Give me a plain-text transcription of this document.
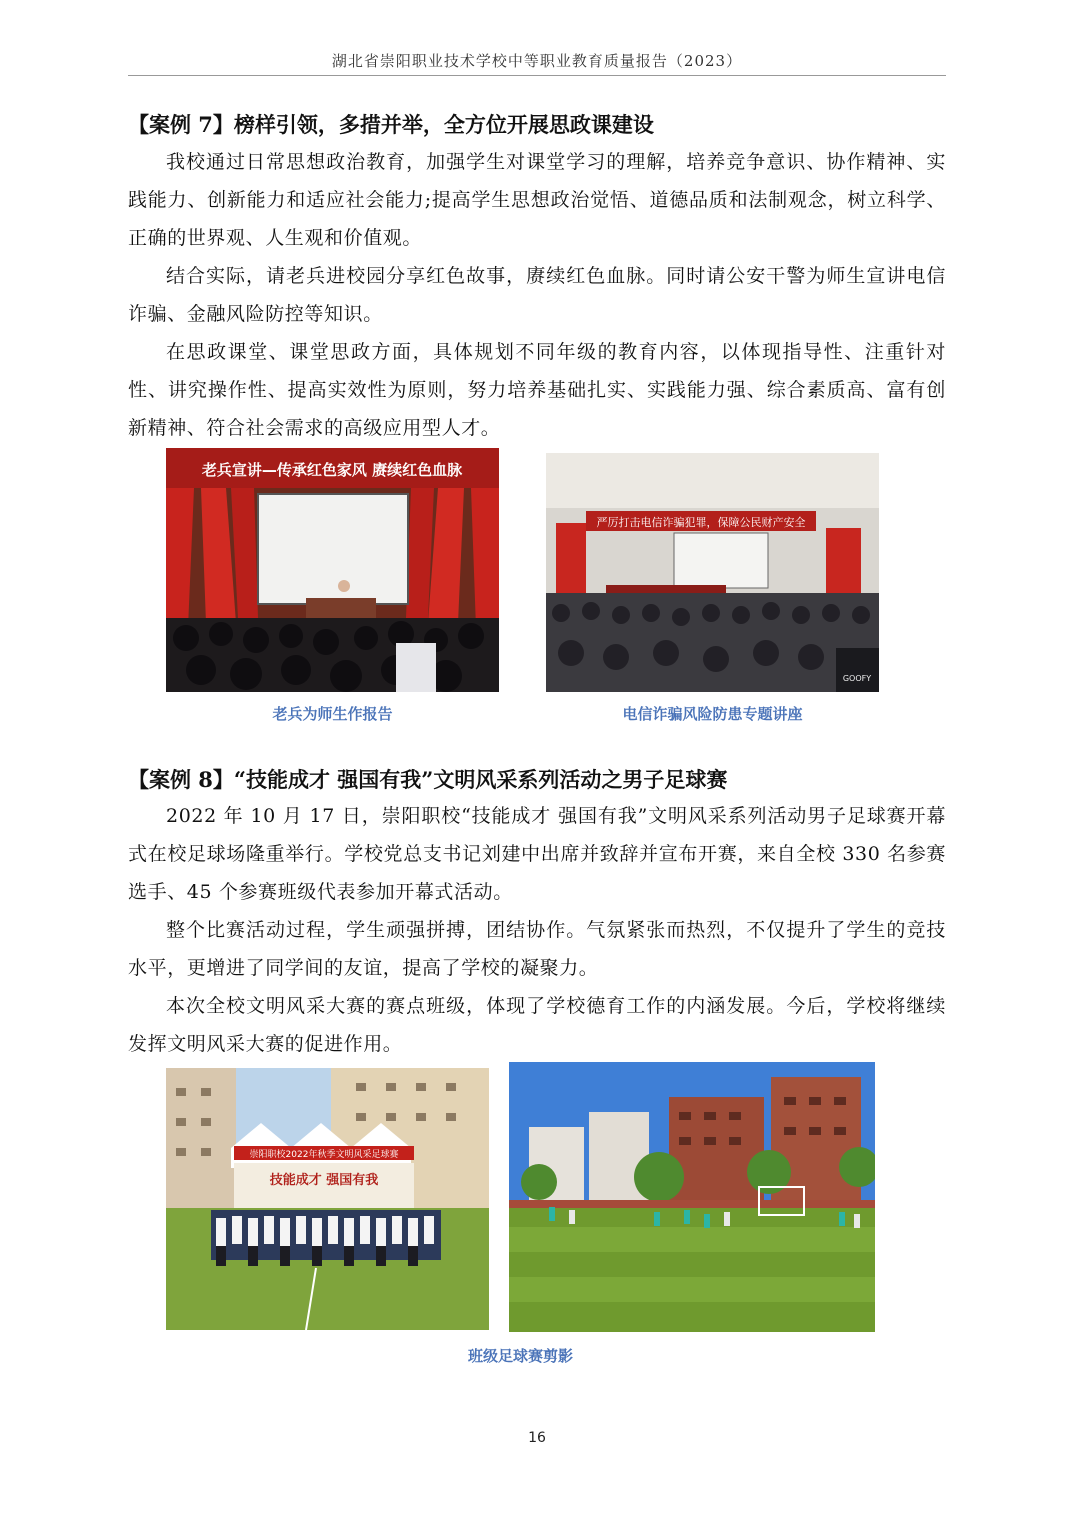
湖北省崇阳职业技术学校中等职业教育质量报告（2023）
【案例 7】榜样引领，多措并举，全方位开展思政课建设
我校通过日常思想政治教育，加强学生对课堂学习的理解，培养竞争意识、协作精神、实践能力、创新能力和适应社会能力;提高学生思想政治觉悟、道德品质和法制观念，树立科学、正确的世界观、人生观和价值观。
结合实际，请老兵进校园分享红色故事，赓续红色血脉。同时请公安干警为师生宣讲电信诈骗、金融风险防控等知识。
在思政课堂、课堂思政方面，具体规划不同年级的教育内容，以体现指导性、注重针对性、讲究操作性、提高实效性为原则，努力培养基础扎实、实践能力强、综合素质高、富有创新精神、符合社会需求的高级应用型人才。
老兵宣讲—传承红色家风 赓续红色血脉
老兵为师生作报告
严厉打击电信诈骗犯罪，保障公民财产安全
GOOFY
电信诈骗风险防患专题讲座
【案例 8】“技能成才 强国有我”文明风采系列活动之男子足球赛
2022 年 10 月 17 日，崇阳职校“技能成才 强国有我”文明风采系列活动男子足球赛开幕式在校足球场隆重举行。学校党总支书记刘建中出席并致辞并宣布开赛，来自全校 330 名参赛选手、45 个参赛班级代表参加开幕式活动。
整个比赛活动过程，学生顽强拼搏，团结协作。气氛紧张而热烈，不仅提升了学生的竞技水平，更增进了同学间的友谊，提高了学校的凝聚力。
本次全校文明风采大赛的赛点班级，体现了学校德育工作的内涵发展。今后，学校将继续发挥文明风采大赛的促进作用。
崇阳职校2022年秋季文明风采足球赛
技能成才 强国有我
班级足球赛剪影
16
